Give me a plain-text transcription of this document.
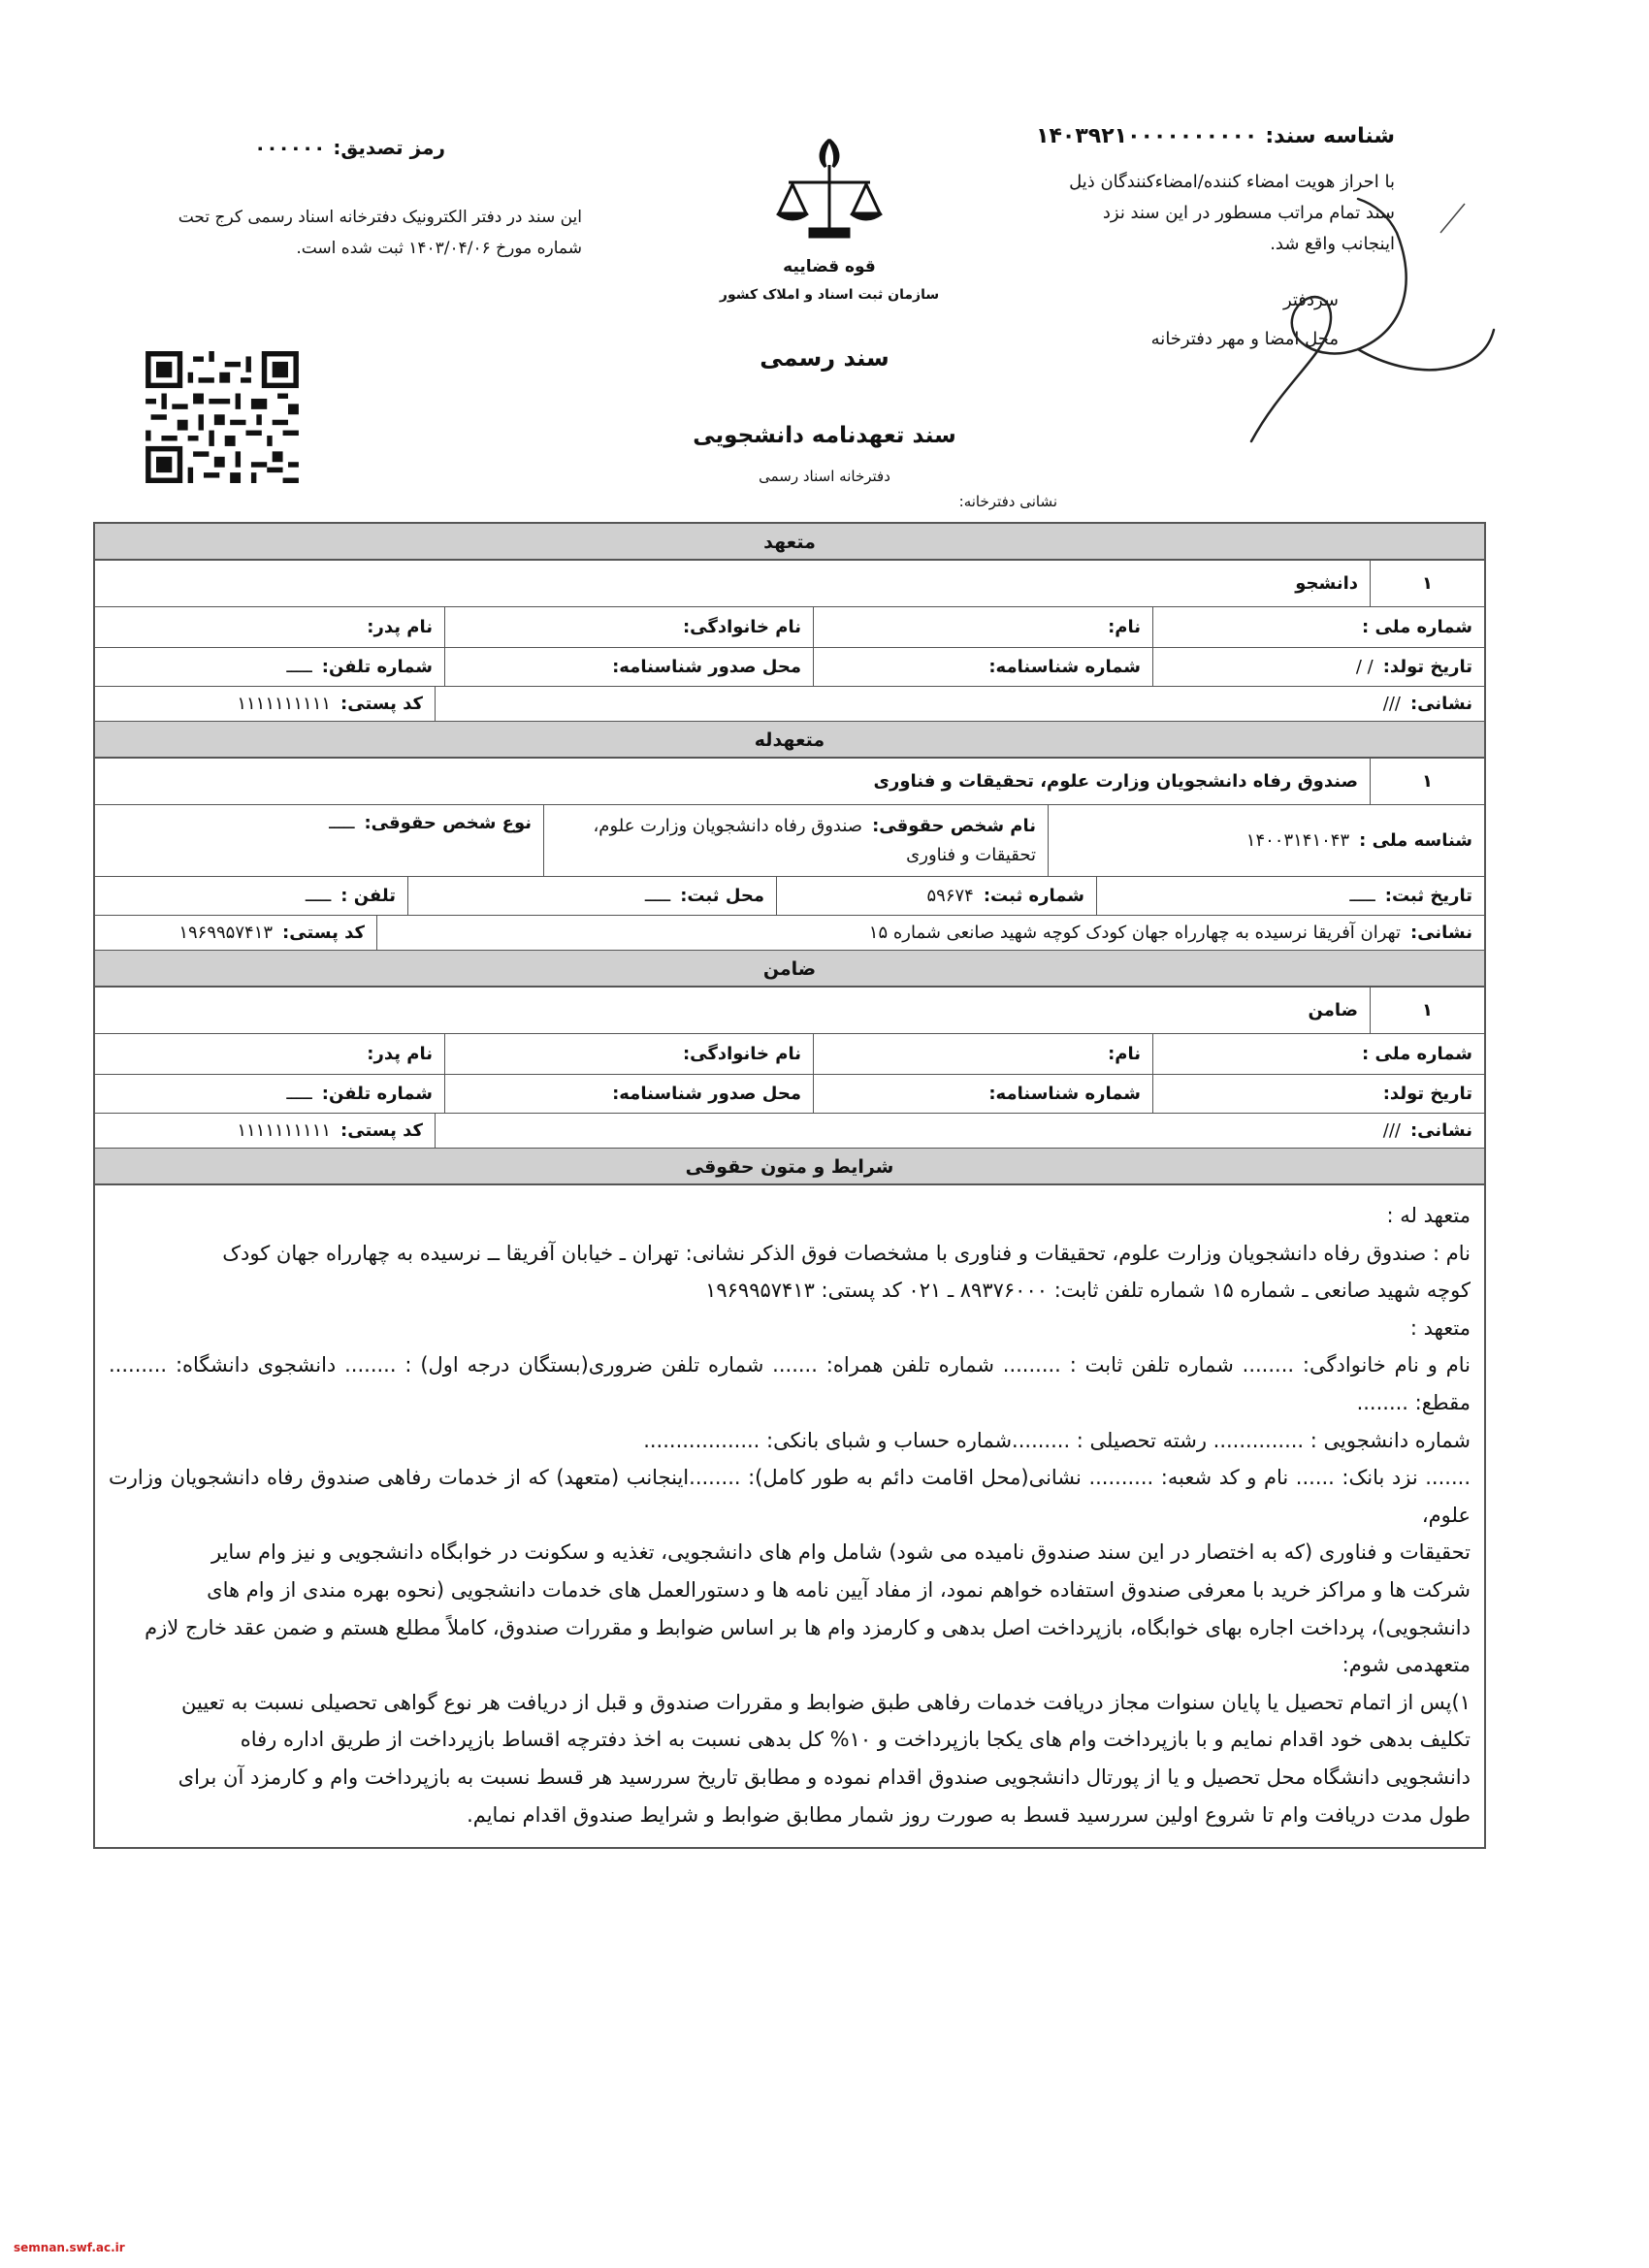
شناسه سند:۱۴۰۳۹۲۱۰۰۰۰۰۰۰۰۰۰
رمز تصدیق:۰۰۰۰۰۰
با احراز هویت امضاء کننده/امضاءکنندگان ذیل سند تمام مراتب مسطور در این سند نزد اینجانب واقع شد.
این سند در دفتر الکترونیک دفترخانه اسناد رسمی کرج تحت شماره مورخ ۱۴۰۳/۰۴/۰۶ ثبت شده است.
قوه قضاییه
سازمان ثبت اسناد و املاک کشور	سردفتر
محل امضا و مهر دفترخانه
سند رسمی
سند تعهدنامه دانشجویی
دفترخانه اسناد رسمی
نشانی دفترخانه:
متعهد
۱
دانشجو
شماره ملی :
نام:
نام خانوادگی:
نام پدر:
تاریخ تولد:
/ /
شماره شناسنامه:
محل صدور شناسنامه:
شماره تلفن:
ـــــ
نشانی:
///
کد پستی:
۱۱۱۱۱۱۱۱۱۱
متعهدله
۱
صندوق رفاه دانشجویان وزارت علوم، تحقیقات و فناوری
شناسه ملی :
۱۴۰۰۳۱۴۱۰۴۳
نام شخص حقوقی:صندوق رفاه دانشجویان وزارت علوم، تحقیقات و فناوری
نوع شخص حقوقی:
ـــــ
تاریخ ثبت:
ـــــ
شماره ثبت:
۵۹۶۷۴
محل ثبت:
ـــــ
تلفن :
ـــــ
نشانی:
تهران آفریقا نرسیده به چهارراه جهان کودک کوچه شهید صانعی شماره ۱۵
کد پستی:
۱۹۶۹۹۵۷۴۱۳
ضامن
۱
ضامن
شماره ملی :
نام:
نام خانوادگی:
نام پدر:
تاریخ تولد:
شماره شناسنامه:
محل صدور شناسنامه:
شماره تلفن:
ـــــ
نشانی:
///
کد پستی:
۱۱۱۱۱۱۱۱۱۱
شرایط و متون حقوقی

متعهد له :

نام : صندوق رفاه دانشجویان وزارت علوم، تحقیقات و فناوری با مشخصات فوق الذکر نشانی: تهران ـ خیابان آفریقا ــ نرسیده به چهارراه جهان کودک

کوچه شهید صانعی ـ شماره ۱۵ شماره تلفن ثابت: ۸۹۳۷۶۰۰۰ ـ ۰۲۱ کد پستی: ۱۹۶۹۹۵۷۴۱۳

متعهد :

نام و نام خانوادگی: ........ شماره تلفن ثابت : ......... شماره تلفن همراه: ....... شماره تلفن ضروری(بستگان درجه اول) : ........ دانشجوی دانشگاه: ......... مقطع: ........

شماره دانشجویی : .............. رشته تحصیلی : .........شماره حساب و شبای بانکی: ..................

....... نزد بانک: ...... نام و کد شعبه: .......... نشانی(محل اقامت دائم به طور کامل): ........اینجانب (متعهد) که از خدمات رفاهی صندوق رفاه دانشجویان وزارت علوم،

تحقیقات و فناوری (که به اختصار در این سند صندوق نامیده می شود) شامل وام های دانشجویی، تغذیه و سکونت در خوابگاه دانشجویی و نیز وام سایر

شرکت ها و مراکز خرید با معرفی صندوق استفاده خواهم نمود، از مفاد آیین نامه ها و دستورالعمل های خدمات دانشجویی (نحوه بهره مندی از وام های

دانشجویی)، پرداخت اجاره بهای خوابگاه، بازپرداخت اصل بدهی و کارمزد وام ها بر اساس ضوابط و مقررات صندوق، کاملاً مطلع هستم و ضمن عقد خارج لازم

متعهدمی شوم:

۱)پس از اتمام تحصیل یا پایان سنوات مجاز دریافت خدمات رفاهی طبق ضوابط و مقررات صندوق و قبل از دریافت هر نوع گواهی تحصیلی نسبت به تعیین

تکلیف بدهی خود اقدام نمایم و با بازپرداخت وام های یکجا بازپرداخت و ۱۰% کل بدهی نسبت به اخذ دفترچه اقساط بازپرداخت از طریق اداره رفاه

دانشجویی دانشگاه محل تحصیل و یا از پورتال دانشجویی صندوق اقدام نموده و مطابق تاریخ سررسید هر قسط نسبت به بازپرداخت وام و کارمزد آن برای

طول مدت دریافت وام تا شروع اولین سررسید قسط به صورت روز شمار مطابق ضوابط و شرایط صندوق اقدام نمایم.

semnan.swf.ac.ir
